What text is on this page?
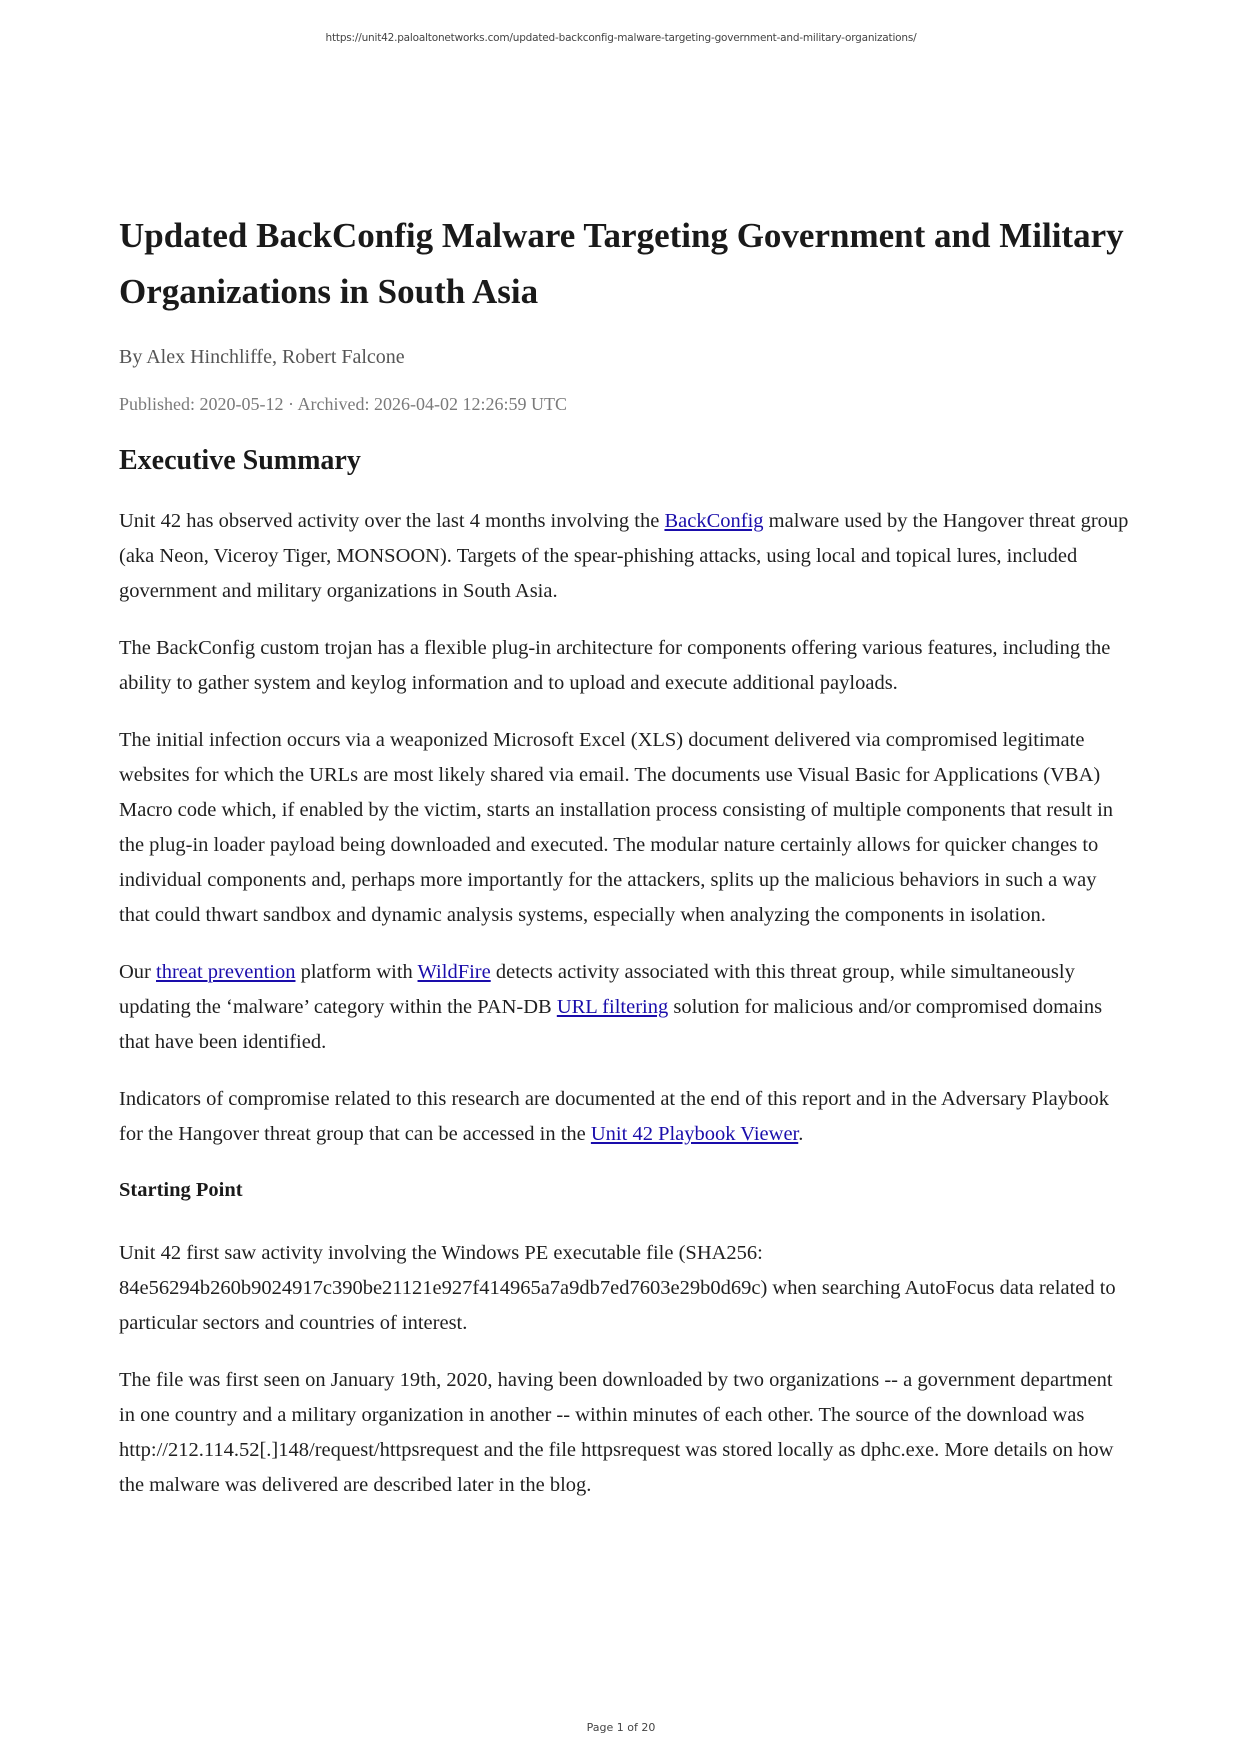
https://unit42.paloaltonetworks.com/updated-backconfig-malware-targeting-government-and-military-organizations/
Updated BackConfig Malware Targeting Government and Military Organizations in South Asia
By Alex Hinchliffe, Robert Falcone
Published: 2020-05-12 · Archived: 2026-04-02 12:26:59 UTC
Executive Summary

Unit 42 has observed activity over the last 4 months involving the BackConfig malware used by the Hangover threat group (aka Neon, Viceroy Tiger, MONSOON). Targets of the spear-phishing attacks, using local and topical lures, included government and military organizations in South Asia.

The BackConfig custom trojan has a flexible plug-in architecture for components offering various features, including the ability to gather system and keylog information and to upload and execute additional payloads.

The initial infection occurs via a weaponized Microsoft Excel (XLS) document delivered via compromised legitimate websites for which the URLs are most likely shared via email. The documents use Visual Basic for Applications (VBA) Macro code which, if enabled by the victim, starts an installation process consisting of multiple components that result in the plug-in loader payload being downloaded and executed. The modular nature certainly allows for quicker changes to individual components and, perhaps more importantly for the attackers, splits up the malicious behaviors in such a way that could thwart sandbox and dynamic analysis systems, especially when analyzing the components in isolation.

Our threat prevention platform with WildFire detects activity associated with this threat group, while simultaneously updating the ‘malware’ category within the PAN-DB URL filtering solution for malicious and/or compromised domains that have been identified.

Indicators of compromise related to this research are documented at the end of this report and in the Adversary Playbook for the Hangover threat group that can be accessed in the Unit 42 Playbook Viewer.

Starting Point

Unit 42 first saw activity involving the Windows PE executable file (SHA256: 84e56294b260b9024917c390be21121e927f414965a7a9db7ed7603e29b0d69c) when searching AutoFocus data related to particular sectors and countries of interest.

The file was first seen on January 19th, 2020, having been downloaded by two organizations -- a government department in one country and a military organization in another -- within minutes of each other. The source of the download was http://212.114.52[.]148/request/httpsrequest and the file httpsrequest was stored locally as dphc.exe. More details on how the malware was delivered are described later in the blog.

Page 1 of 20
